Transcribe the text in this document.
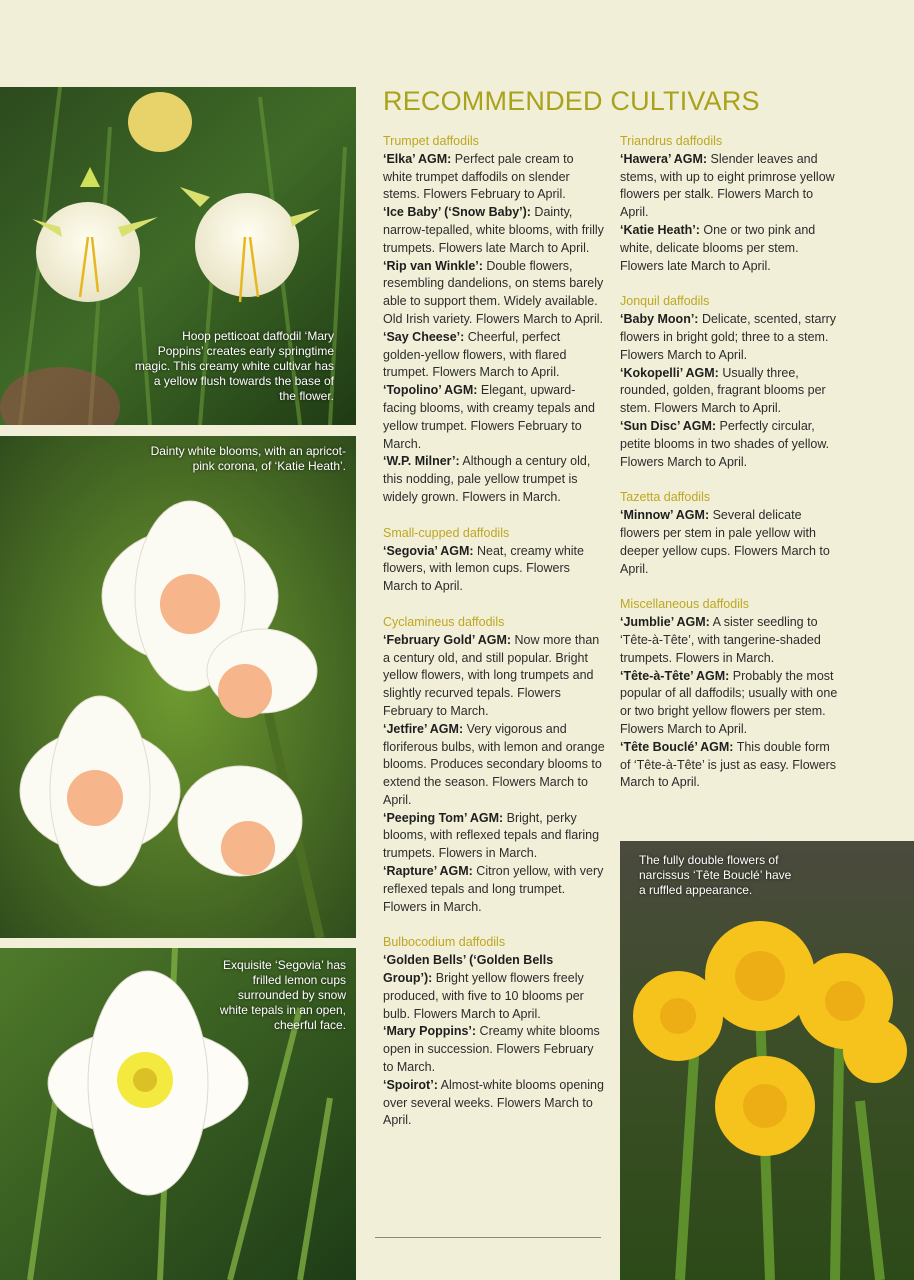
Hoop petticoat daffodil ‘Mary Poppins’ creates early springtime magic. This creamy white cultivar has a yellow flush towards the base of the flower.
Dainty white blooms, with an apricot-pink corona, of ‘Katie Heath’.
Exquisite ‘Segovia’ has frilled lemon cups surrounded by snow white tepals in an open, cheerful face.
The fully double flowers of narcissus ‘Tête Bouclé’ have a ruffled appearance.
RECOMMENDED CULTIVARS
Trumpet daffodils
‘Elka’ AGM: Perfect pale cream to white trumpet daffodils on slender stems. Flowers February to April.
‘Ice Baby’ (‘Snow Baby’): Dainty, narrow-tepalled, white blooms, with frilly trumpets. Flowers late March to April.
‘Rip van Winkle’: Double flowers, resembling dandelions, on stems barely able to support them. Widely available. Old Irish variety. Flowers March to April.
‘Say Cheese’: Cheerful, perfect golden-yellow flowers, with flared trumpet. Flowers March to April.
‘Topolino’ AGM: Elegant, upward-facing blooms, with creamy tepals and yellow trumpet. Flowers February to March.
‘W.P. Milner’: Although a century old, this nodding, pale yellow trumpet is widely grown. Flowers in March.
Small-cupped daffodils
‘Segovia’ AGM: Neat, creamy white flowers, with lemon cups. Flowers March to April.
Cyclamineus daffodils
‘February Gold’ AGM: Now more than a century old, and still popular. Bright yellow flowers, with long trumpets and slightly recurved tepals. Flowers February to March.
‘Jetfire’ AGM: Very vigorous and floriferous bulbs, with lemon and orange blooms. Produces secondary blooms to extend the season. Flowers March to April.
‘Peeping Tom’ AGM: Bright, perky blooms, with reflexed tepals and flaring trumpets. Flowers in March.
‘Rapture’ AGM: Citron yellow, with very reflexed tepals and long trumpet. Flowers in March.
Bulbocodium daffodils
‘Golden Bells’ (‘Golden Bells Group’): Bright yellow flowers freely produced, with five to 10 blooms per bulb. Flowers March to April.
‘Mary Poppins’: Creamy white blooms open in succession. Flowers February to March.
‘Spoirot’: Almost-white blooms opening over several weeks. Flowers March to April.
Triandrus daffodils
‘Hawera’ AGM: Slender leaves and stems, with up to eight primrose yellow flowers per stalk. Flowers March to April.
‘Katie Heath’: One or two pink and white, delicate blooms per stem. Flowers late March to April.
Jonquil daffodils
‘Baby Moon’: Delicate, scented, starry flowers in bright gold; three to a stem. Flowers March to April.
‘Kokopelli’ AGM: Usually three, rounded, golden, fragrant blooms per stem. Flowers March to April.
‘Sun Disc’ AGM: Perfectly circular, petite blooms in two shades of yellow. Flowers March to April.
Tazetta daffodils
‘Minnow’ AGM: Several delicate flowers per stem in pale yellow with deeper yellow cups. Flowers March to April.
Miscellaneous daffodils
‘Jumblie’ AGM: A sister seedling to ‘Tête-à-Tête’, with tangerine-shaded trumpets. Flowers in March.
‘Tête-à-Tête’ AGM: Probably the most popular of all daffodils; usually with one or two bright yellow flowers per stem. Flowers March to April.
‘Tête Bouclé’ AGM: This double form of ‘Tête-à-Tête’ is just as easy. Flowers March to April.
